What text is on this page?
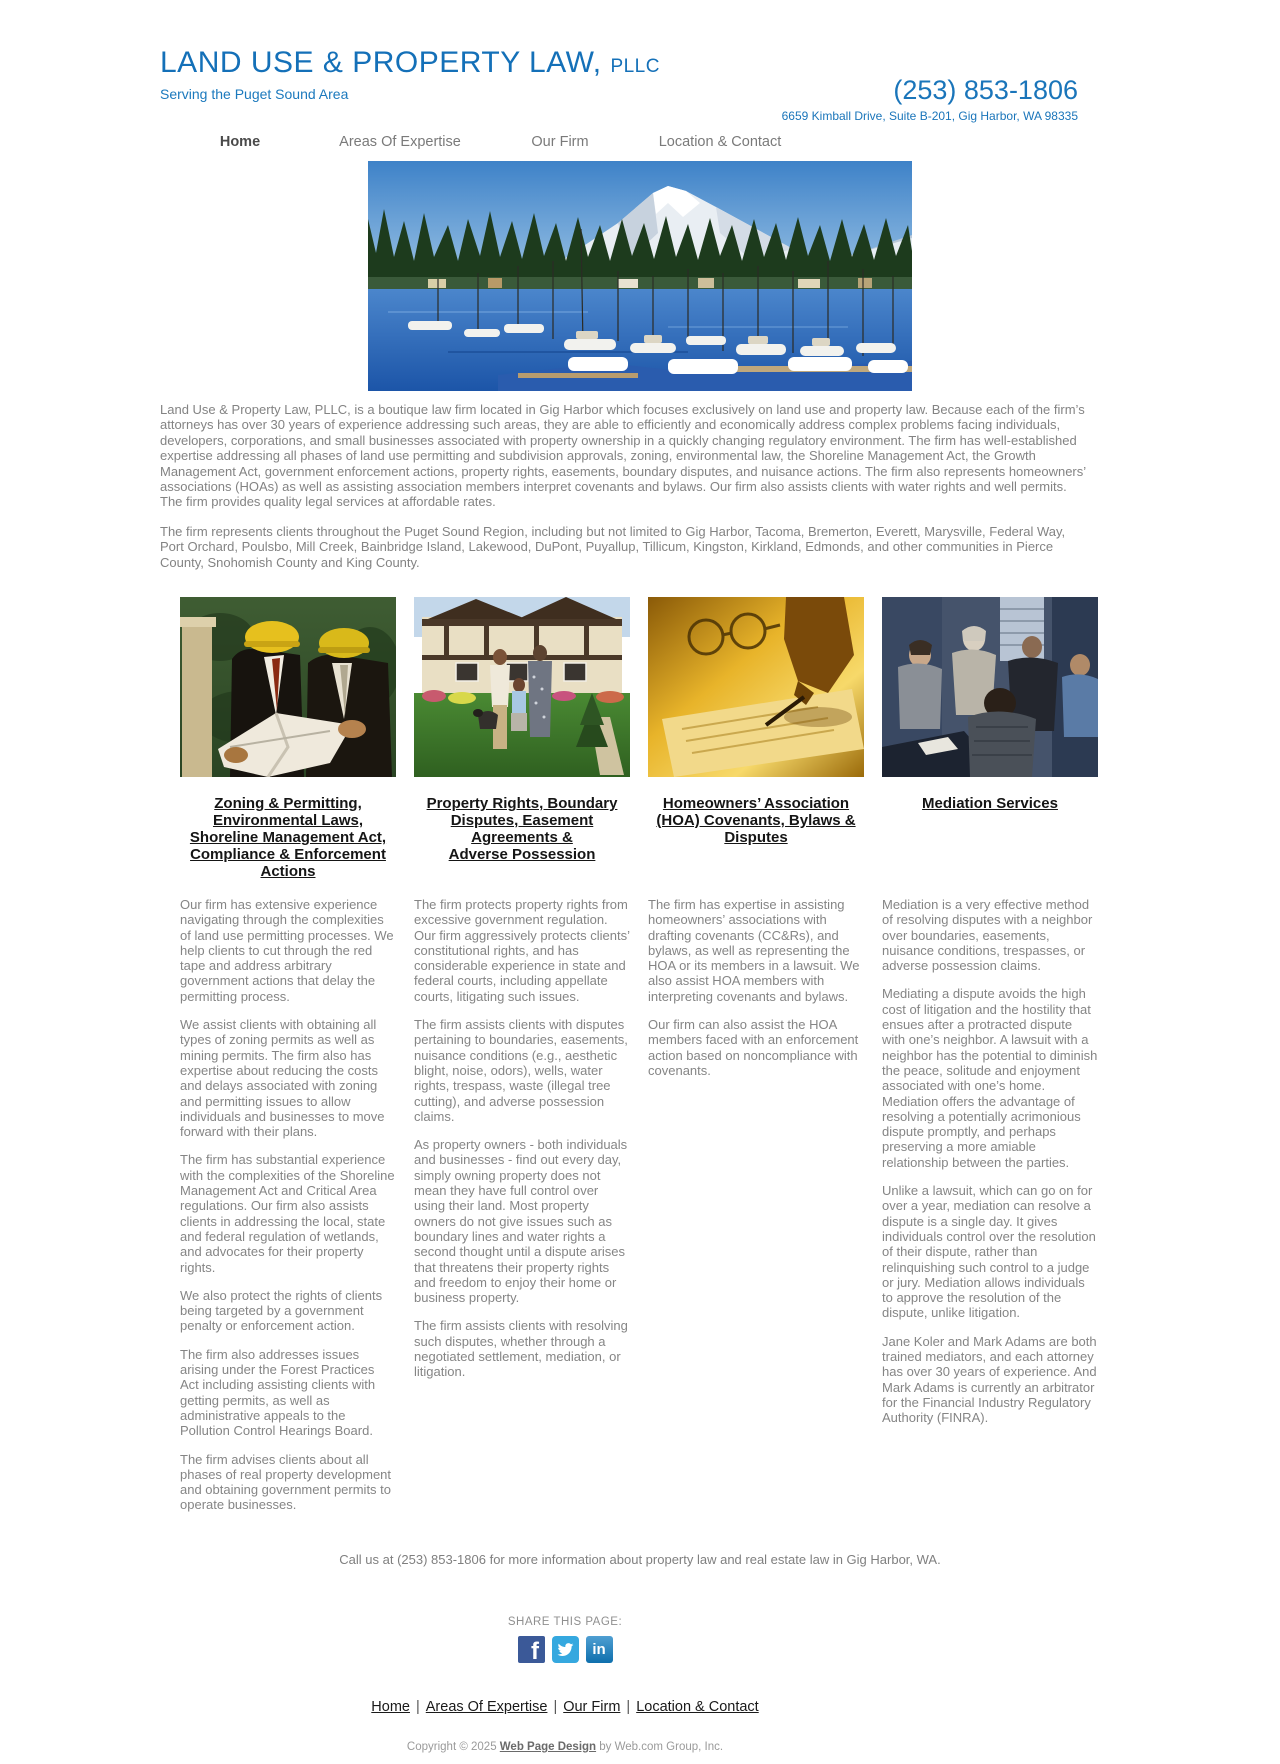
LAND USE & PROPERTY LAW, PLLC
Serving the Puget Sound Area	(253) 853-1806
6659 Kimball Drive, Suite B-201, Gig Harbor, WA 98335
Home	Areas Of Expertise	Our Firm	Location & Contact

Land Use & Property Law, PLLC, is a boutique law firm located in Gig Harbor which focuses exclusively on land use and property law. Because each of the firm’s attorneys has over 30 years of experience addressing such areas, they are able to efficiently and economically address complex problems facing individuals, developers, corporations, and small businesses associated with property ownership in a quickly changing regulatory environment. The firm has well-established expertise addressing all phases of land use permitting and subdivision approvals, zoning, environmental law, the Shoreline Management Act, the Growth Management Act, government enforcement actions, property rights, easements, boundary disputes, and nuisance actions. The firm also represents homeowners’ associations (HOAs) as well as assisting association members interpret covenants and bylaws. Our firm also assists clients with water rights and well permits. The firm provides quality legal services at affordable rates.

The firm represents clients throughout the Puget Sound Region, including but not limited to Gig Harbor, Tacoma, Bremerton, Everett, Marysville, Federal Way, Port Orchard, Poulsbo, Mill Creek, Bainbridge Island, Lakewood, DuPont, Puyallup, Tillicum, Kingston, Kirkland, Edmonds, and other communities in Pierce County, Snohomish County and King County.

Zoning & Permitting,
Environmental Laws,
Shoreline Management Act,
Compliance & Enforcement
Actions

Our firm has extensive experience navigating through the complexities of land use permitting processes. We help clients to cut through the red tape and address arbitrary government actions that delay the permitting process.

We assist clients with obtaining all types of zoning permits as well as mining permits. The firm also has expertise about reducing the costs and delays associated with zoning and permitting issues to allow individuals and businesses to move forward with their plans.

The firm has substantial experience with the complexities of the Shoreline Management Act and Critical Area regulations. Our firm also assists clients in addressing the local, state and federal regulation of wetlands, and advocates for their property rights.

We also protect the rights of clients being targeted by a government penalty or enforcement action.

The firm also addresses issues arising under the Forest Practices Act including assisting clients with getting permits, as well as administrative appeals to the Pollution Control Hearings Board.

The firm advises clients about all phases of real property development and obtaining government permits to operate businesses.

Property Rights, Boundary
Disputes, Easement
Agreements &
Adverse Possession

The firm protects property rights from excessive government regulation. Our firm aggressively protects clients’ constitutional rights, and has considerable experience in state and federal courts, including appellate courts, litigating such issues.

The firm assists clients with disputes pertaining to boundaries, easements, nuisance conditions (e.g., aesthetic blight, noise, odors), wells, water rights, trespass, waste (illegal tree cutting), and adverse possession claims.

As property owners - both individuals and businesses - find out every day, simply owning property does not mean they have full control over using their land. Most property owners do not give issues such as boundary lines and water rights a second thought until a dispute arises that threatens their property rights and freedom to enjoy their home or business property.

The firm assists clients with resolving such disputes, whether through a negotiated settlement, mediation, or litigation.

Homeowners’ Association
(HOA) Covenants, Bylaws &
Disputes

The firm has expertise in assisting homeowners’ associations with drafting covenants (CC&Rs), and bylaws, as well as representing the HOA or its members in a lawsuit. We also assist HOA members with interpreting covenants and bylaws.

Our firm can also assist the HOA members faced with an enforcement action based on noncompliance with covenants.

Mediation Services

Mediation is a very effective method of resolving disputes with a neighbor over boundaries, easements, nuisance conditions, trespasses, or adverse possession claims.

Mediating a dispute avoids the high cost of litigation and the hostility that ensues after a protracted dispute with one’s neighbor. A lawsuit with a neighbor has the potential to diminish the peace, solitude and enjoyment associated with one’s home. Mediation offers the advantage of resolving a potentially acrimonious dispute promptly, and perhaps preserving a more amiable relationship between the parties.

Unlike a lawsuit, which can go on for over a year, mediation can resolve a dispute is a single day. It gives individuals control over the resolution of their dispute, rather than relinquishing such control to a judge or jury. Mediation allows individuals to approve the resolution of the dispute, unlike litigation.

Jane Koler and Mark Adams are both trained mediators, and each attorney has over 30 years of experience. And Mark Adams is currently an arbitrator for the Financial Industry Regulatory Authority (FINRA).

Call us at (253) 853-1806 for more information about property law and real estate law in Gig Harbor, WA.
SHARE THIS PAGE:
f	in
Home | Areas Of Expertise | Our Firm | Location & Contact
Copyright © 2025 Web Page Design by Web.com Group, Inc.
